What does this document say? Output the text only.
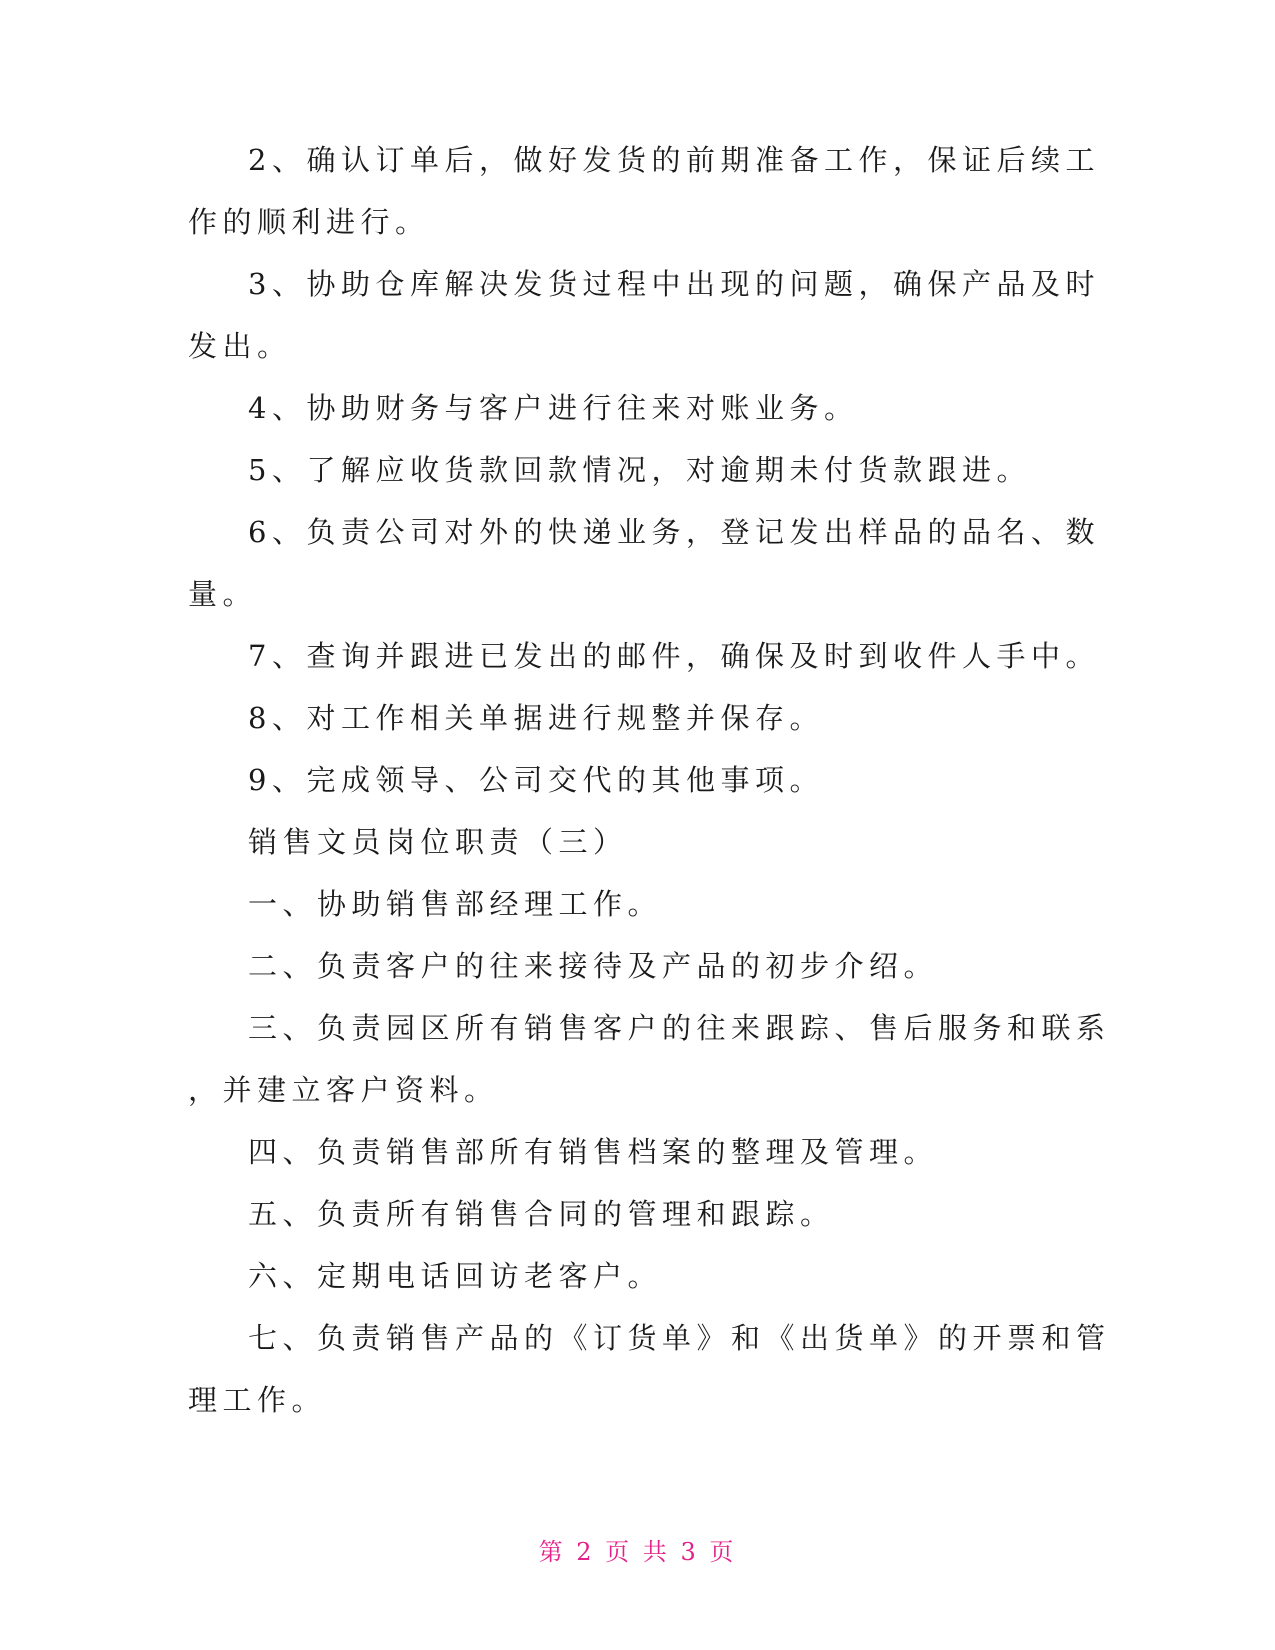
2、确认订单后，做好发货的前期准备工作，保证后续工
作的顺利进行。
3、协助仓库解决发货过程中出现的问题，确保产品及时
发出。
4、协助财务与客户进行往来对账业务。
5、了解应收货款回款情况，对逾期未付货款跟进。
6、负责公司对外的快递业务，登记发出样品的品名、数
量。
7、查询并跟进已发出的邮件，确保及时到收件人手中。
8、对工作相关单据进行规整并保存。
9、完成领导、公司交代的其他事项。
销售文员岗位职责（三）
一、协助销售部经理工作。
二、负责客户的往来接待及产品的初步介绍。
三、负责园区所有销售客户的往来跟踪、售后服务和联系
，并建立客户资料。
四、负责销售部所有销售档案的整理及管理。
五、负责所有销售合同的管理和跟踪。
六、定期电话回访老客户。
七、负责销售产品的《订货单》和《出货单》的开票和管
理工作。
第 2 页 共 3 页
